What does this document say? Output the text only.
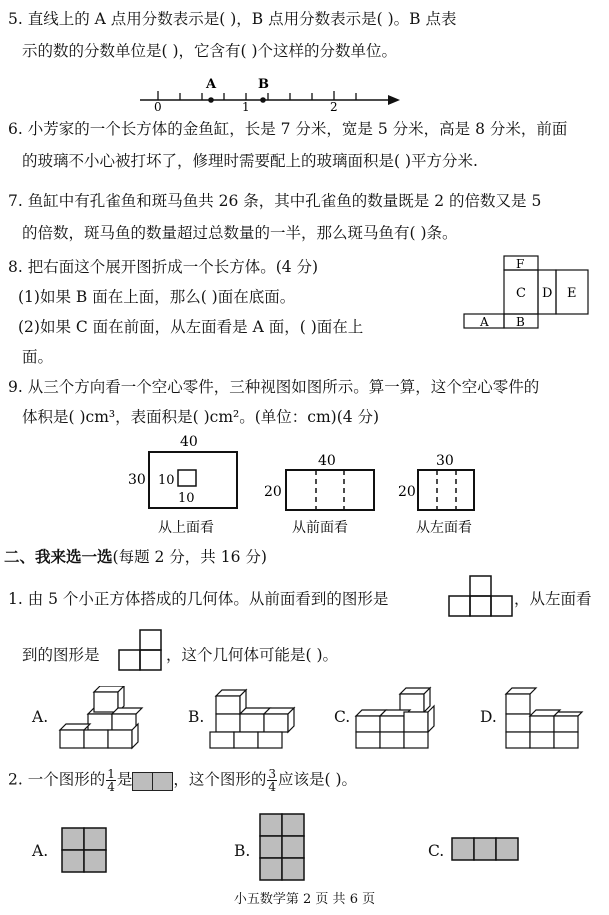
5. 直线上的 A 点用分数表示是( )，B 点用分数表示是( )。B 点表
示的数的分数单位是( )，它含有( )个这样的分数单位。
A	B
0	1	2
6. 小芳家的一个长方体的金鱼缸，长是 7 分米，宽是 5 分米，高是 8 分米，前面
的玻璃不小心被打坏了，修理时需要配上的玻璃面积是( )平方分米.
7. 鱼缸中有孔雀鱼和斑马鱼共 26 条，其中孔雀鱼的数量既是 2 的倍数又是 5
的倍数，斑马鱼的数量超过总数量的一半，那么斑马鱼有( )条。
8. 把右面这个展开图折成一个长方体。(4 分)
(1)如果 B 面在上面，那么( )面在底面。
(2)如果 C 面在前面，从左面看是 A 面，( )面在上
面。
F
C D E
A B
9. 从三个方向看一个空心零件，三种视图如图所示。算一算，这个空心零件的
体积是( )cm³，表面积是( )cm²。(单位：cm)(4 分)
40
30 10
10
从上面看
40
20
从前面看
30
20
从左面看
二、我来选一选(每题 2 分，共 16 分)
1. 由 5 个小正方体搭成的几何体。从前面看到的图形是	，从左面看
到的图形是	，这个几何体可能是( )。
A.	B.	C.	D.
2. 一个图形的 $\frac{1}{4}$ 是	，这个图形的 $\frac{3}{4}$ 应该是( )。
A.	B.	C.
小五数学第 2 页 共 6 页
